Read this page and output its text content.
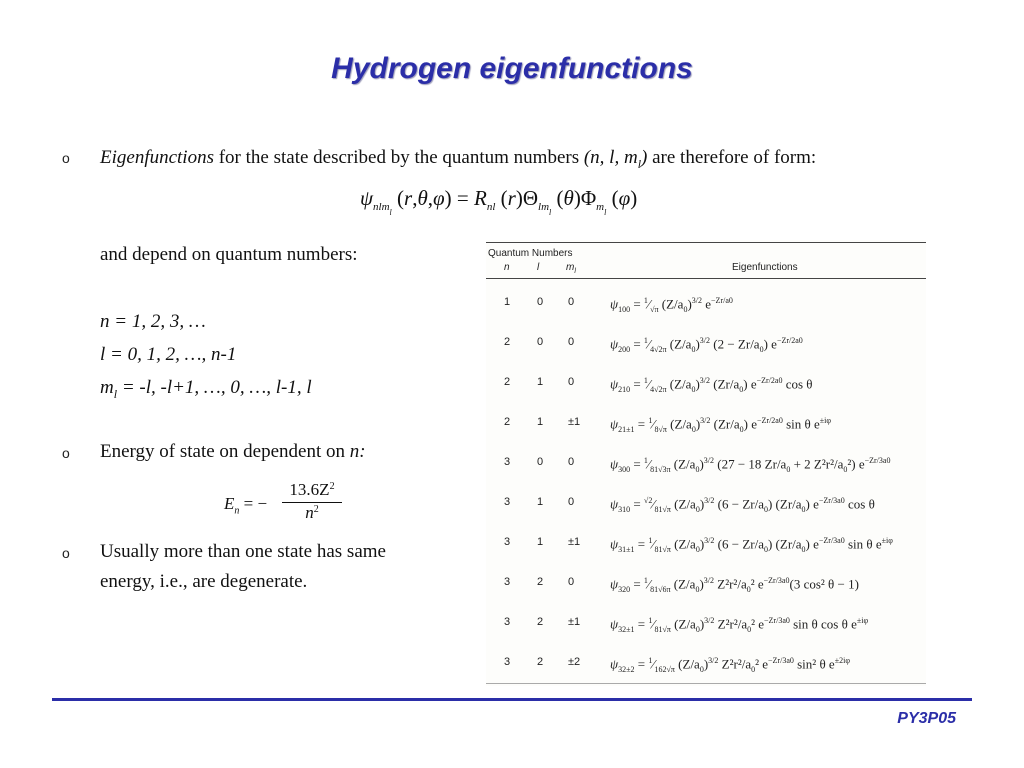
Hydrogen eigenfunctions
o Eigenfunctions for the state described by the quantum numbers (n, l, $m_l$) are therefore of form:
$\psi_{nlm_l}$ $(r,\theta,\varphi) = R_{nl}$ $(r)\Theta_{lm_l}$ $(\theta)\Phi_{m_l}$ (φ)
and depend on quantum numbers:
n = 1, 2, 3, …
l = 0, 1, 2, …, n-1
$m_l = -l$, -l+1, …, 0, …, l-1, l
o Energy of state on dependent on n:
$E_n$ = − $\frac{13.6Z^2}{n^2}$
o Usually more than one state has same
energy, i.e., are degenerate.
Quantum Numbers
n	l	$m_l$	Eigenfunctions
1 0 0	$\psi_{100}$ = $^1⁄_{√\pi}$ $(Z/a_0)^{3/2}$ $e^{-Zr/a0}$
2 0 0	$\psi_{200}$ = $^1⁄_{4√2\pi}$ $(Z/a_0)^{3/2}$ $(2 - Zr/a_0)$ $e^{-Zr/2a0}$
2 1 0	$\psi_{210}$ = $^1⁄_{4√2\pi}$ $(Z/a_0)^{3/2}$ $(Zr/a_0)$ $e^{-Zr/2a0}$ cos θ
2 1 ±1 $\psi_{21\pm 1}$ = $^1⁄_{8√\pi}$ $(Z/a_0)^{3/2}$ $(Zr/a_0)$ $e^{-Zr/2a0}$ sin θ $e^{\pm i\varphi}$
3 0 0	$\psi_{300}$ = $^1⁄_{81√3\pi}$ $(Z/a_0)^{3/2}$ (27 − 18 $Zr/a_0 + 2$ Z²r²/$a_0^2$) $e^{-Zr/3a0}$
3 1 0	$\psi_{310}$ = $^{√2}⁄_{81√\pi}$ $(Z/a_0)^{3/2}$ $(6 - Zr/a_0)$ $(Zr/a_0)$ $e^{-Zr/3a0}$ cos θ
3 1 ±1 $\psi_{31\pm 1}$ = $^1⁄_{81√\pi}$ $(Z/a_0)^{3/2}$ $(6 - Zr/a_0)$ $(Zr/a_0)$ $e^{-Zr/3a0}$ sin θ $e^{\pm i\varphi}$
3 2 0	$\psi_{320}$ = $^1⁄_{81√6\pi}$ $(Z/a_0)^{3/2}$ Z²r²/$a_0^2$ $e^{-Zr/3a0}(3$ cos² θ − 1)
3 2 ±1 $\psi_{32\pm 1}$ = $^1⁄_{81√\pi}$ $(Z/a_0)^{3/2}$ Z²r²/$a_0^2$ $e^{-Zr/3a0}$ sin θ cos θ $e^{\pm i\varphi}$
3 2 ±2 $\psi_{32\pm 2}$ = $^1⁄_{162√\pi}$ $(Z/a_0)^{3/2}$ Z²r²/$a_0^2$ $e^{-Zr/3a0}$ sin² θ $e^{\pm 2i\varphi}$
PY3P05
